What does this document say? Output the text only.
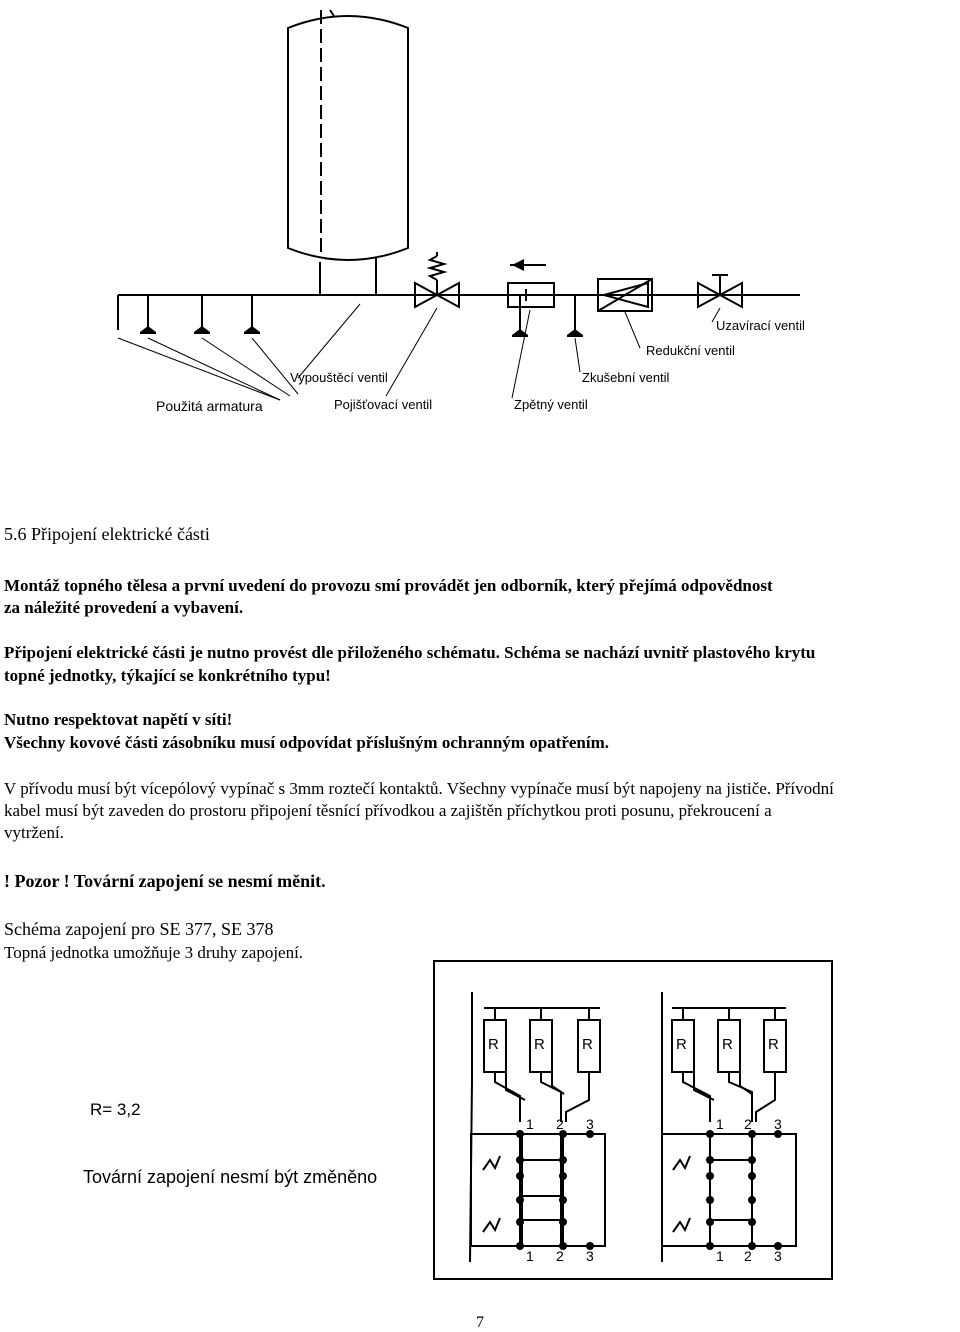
Uzavírací ventil
Redukční ventil
Vypouštěcí ventil	Zkušební ventil
Použitá armatura	Pojišťovací ventil	Zpětný ventil
5.6 Připojení elektrické části
Montáž topného tělesa a první uvedení do provozu smí provádět jen odborník, který přejímá odpovědnost
za náležité provedení a vybavení.
Připojení elektrické části je nutno provést dle přiloženého schématu. Schéma se nachází uvnitř plastového krytu
topné jednotky, týkající se konkrétního typu!
Nutno respektovat napětí v síti!
Všechny kovové části zásobníku musí odpovídat příslušným ochranným opatřením.
V přívodu musí být vícepólový vypínač s 3mm roztečí kontaktů. Všechny vypínače musí být napojeny na jističe. Přívodní
kabel musí být zaveden do prostoru připojení těsnící přívodkou a zajištěn příchytkou proti posunu, překroucení a
vytržení.
! Pozor ! Tovární zapojení se nesmí měnit.
Schéma zapojení pro SE 377, SE 378
Topná jednotka umožňuje 3 druhy zapojení.
R= 3,2
Tovární zapojení nesmí být změněno
R R R	R R R
1 2 3
1 2 3
1 2 3
1 2 3
7
